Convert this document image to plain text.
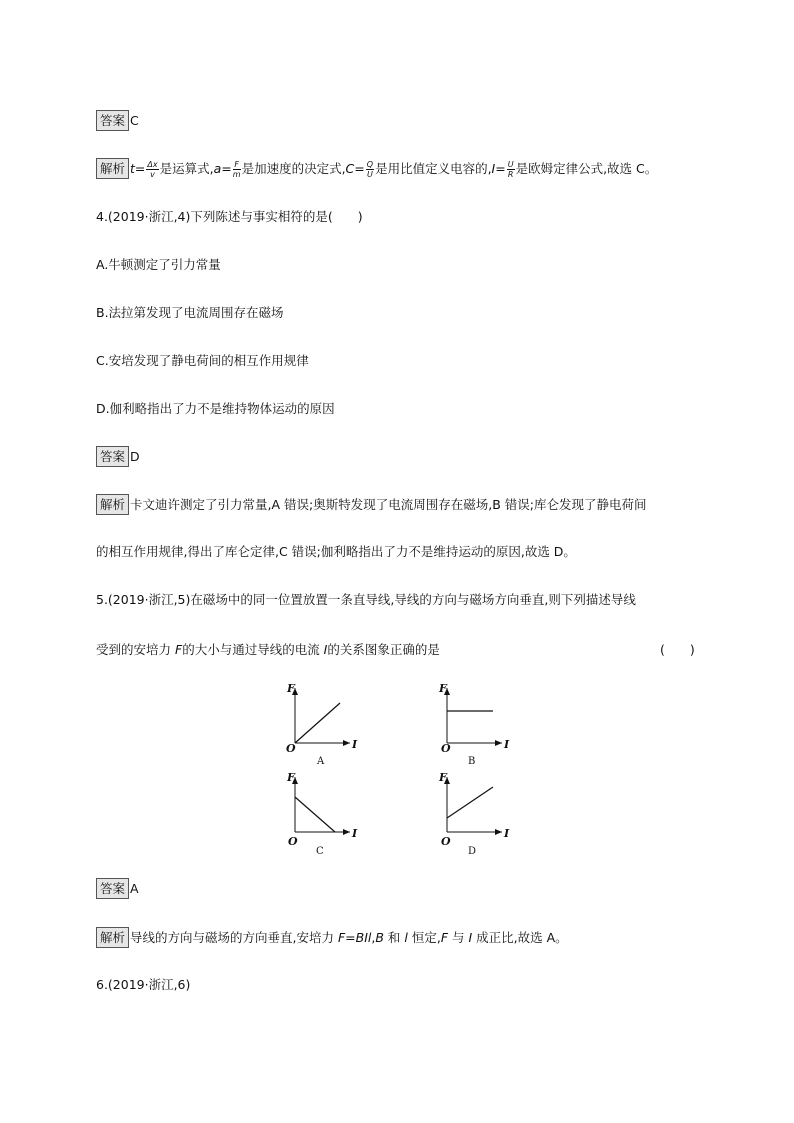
答案 C
解析 $t= \frac{\Delta x}{v}$ 是运算式$,a= \frac{F}{m}$ 是加速度的决定式$,C= \frac{Q}{U}$ 是用比值定义电容的$,I= \frac{U}{R}$ 是欧姆定律公式,故选 C。
4.(2019·浙江,4)下列陈述与事实相符的是(　　)
A.牛顿测定了引力常量
B.法拉第发现了电流周围存在磁场
C.安培发现了静电荷间的相互作用规律
D.伽利略指出了力不是维持物体运动的原因
答案 D
解析 卡文迪许测定了引力常量,A 错误;奥斯特发现了电流周围存在磁场,B 错误;库仑发现了静电荷间
的相互作用规律,得出了库仑定律,C 错误;伽利略指出了力不是维持运动的原因,故选 D。
5.(2019·浙江,5)在磁场中的同一位置放置一条直导线,导线的方向与磁场方向垂直,则下列描述导线
受到的安培力 F的大小与通过导线的电流 I的关系图象正确的是	(　　)
F
I
O
A
F
I
O
B
F
I
O
C
F
I
O
D
答案 A
解析 导线的方向与磁场的方向垂直,安培力 F=BIl,B 和 l 恒定,F 与 I 成正比,故选 A。
6.(2019·浙江,6)
